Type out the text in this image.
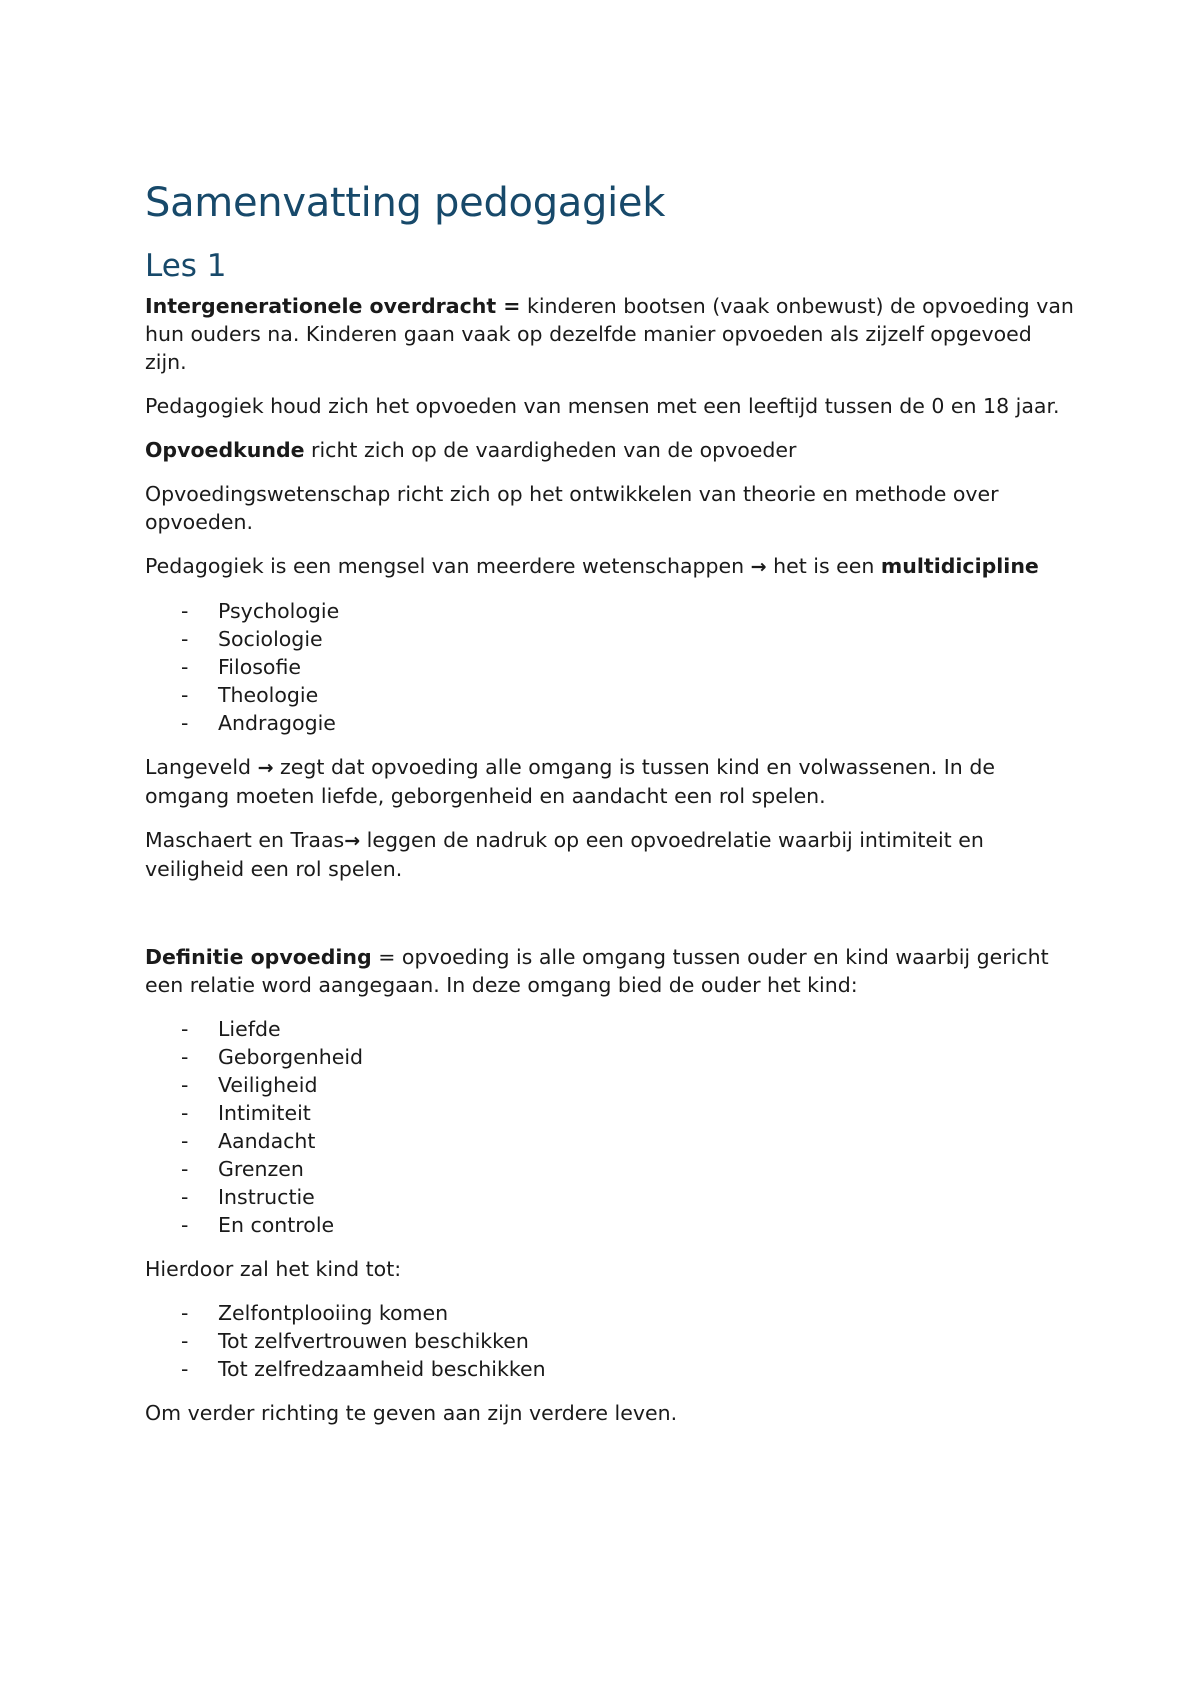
Samenvatting pedogagiek
Les 1

Intergenerationele overdracht = kinderen bootsen (vaak onbewust) de opvoeding van hun ouders na. Kinderen gaan vaak op dezelfde manier opvoeden als zijzelf opgevoed zijn.

Pedagogiek houd zich het opvoeden van mensen met een leeftijd tussen de 0 en 18 jaar.

Opvoedkunde richt zich op de vaardigheden van de opvoeder

Opvoedingswetenschap richt zich op het ontwikkelen van theorie en methode over opvoeden.

Pedagogiek is een mengsel van meerdere wetenschappen → het is een multidicipline

- Psychologie
- Sociologie
- Filosofie
- Theologie
- Andragogie

Langeveld → zegt dat opvoeding alle omgang is tussen kind en volwassenen. In de omgang moeten liefde, geborgenheid en aandacht een rol spelen.

Maschaert en Traas→ leggen de nadruk op een opvoedrelatie waarbij intimiteit en veiligheid een rol spelen.

Definitie opvoeding = opvoeding is alle omgang tussen ouder en kind waarbij gericht een relatie word aangegaan. In deze omgang bied de ouder het kind:

- Liefde
- Geborgenheid
- Veiligheid
- Intimiteit
- Aandacht
- Grenzen
- Instructie
- En controle

Hierdoor zal het kind tot:

- Zelfontplooiing komen
- Tot zelfvertrouwen beschikken
- Tot zelfredzaamheid beschikken

Om verder richting te geven aan zijn verdere leven.
